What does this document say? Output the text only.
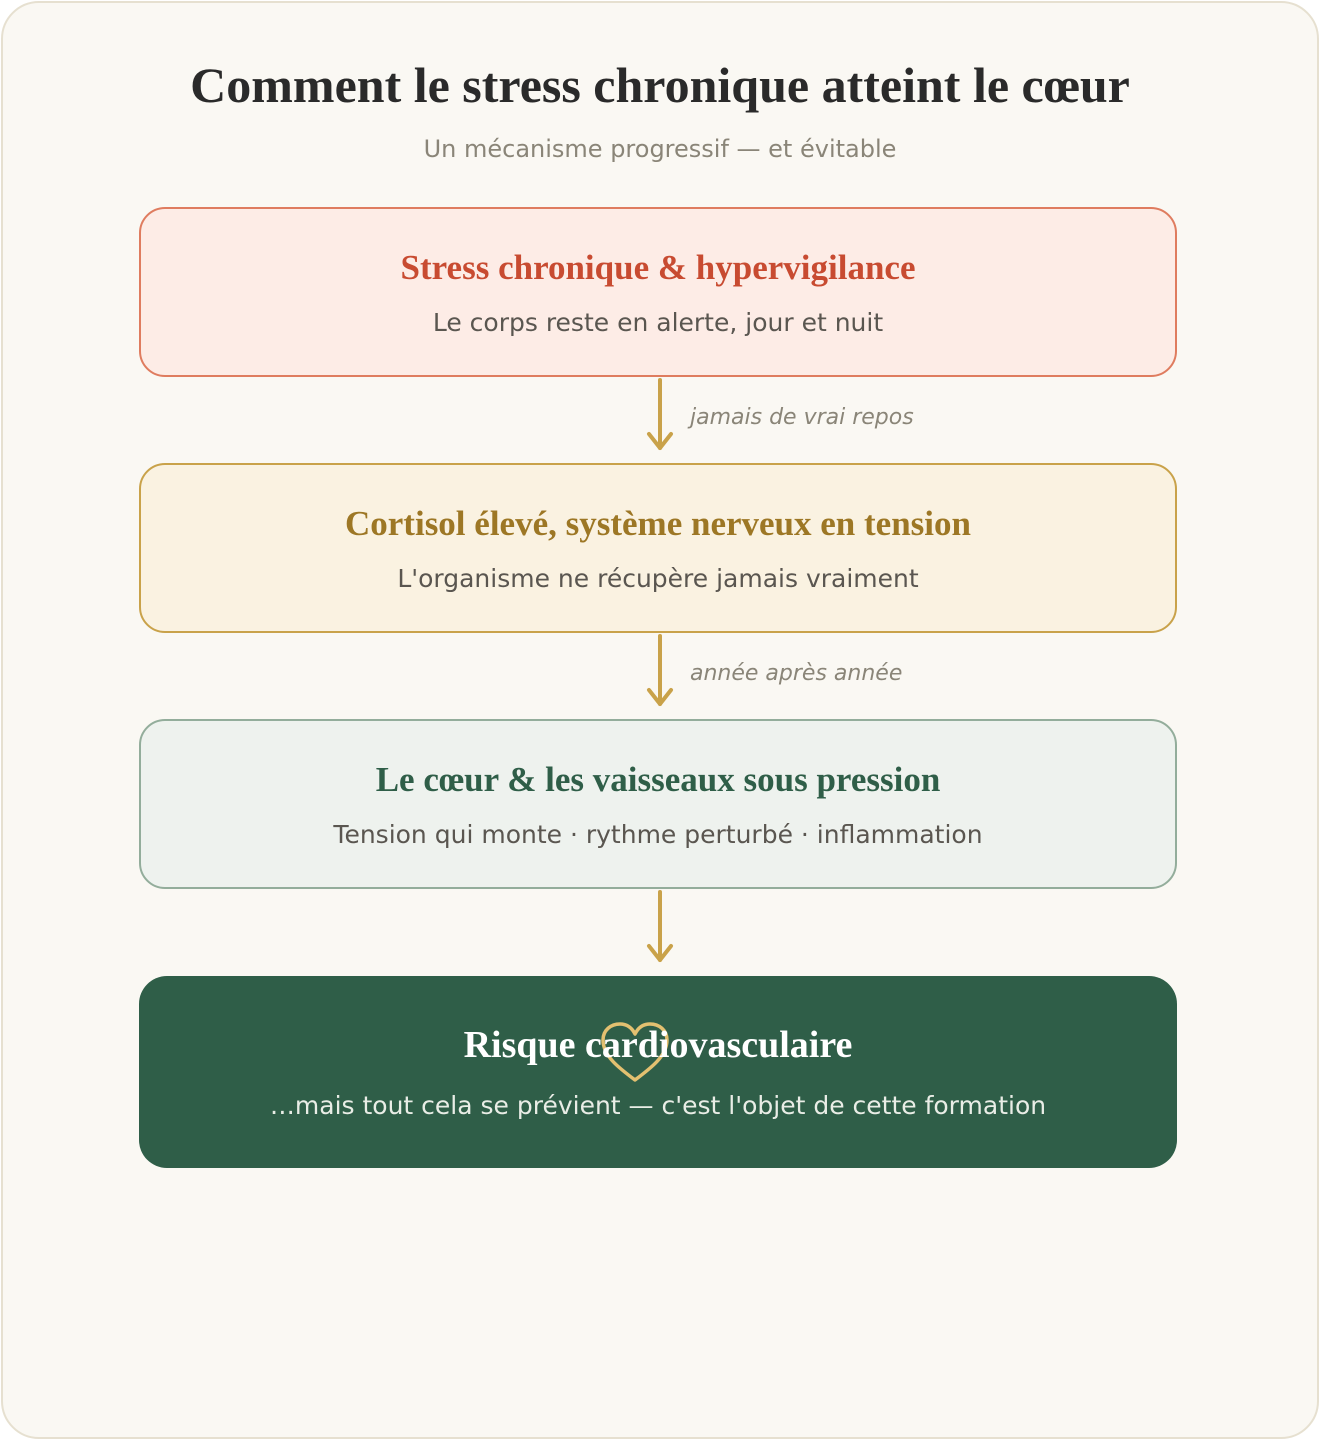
Comment le stress chronique atteint le cœur
Un mécanisme progressif — et évitable
Stress chronique & hypervigilance
Le corps reste en alerte, jour et nuit
jamais de vrai repos
Cortisol élevé, système nerveux en tension
L'organisme ne récupère jamais vraiment
année après année
Le cœur & les vaisseaux sous pression
Tension qui monte · rythme perturbé · inflammation
Risque cardiovasculaire
…mais tout cela se prévient — c'est l'objet de cette formation
